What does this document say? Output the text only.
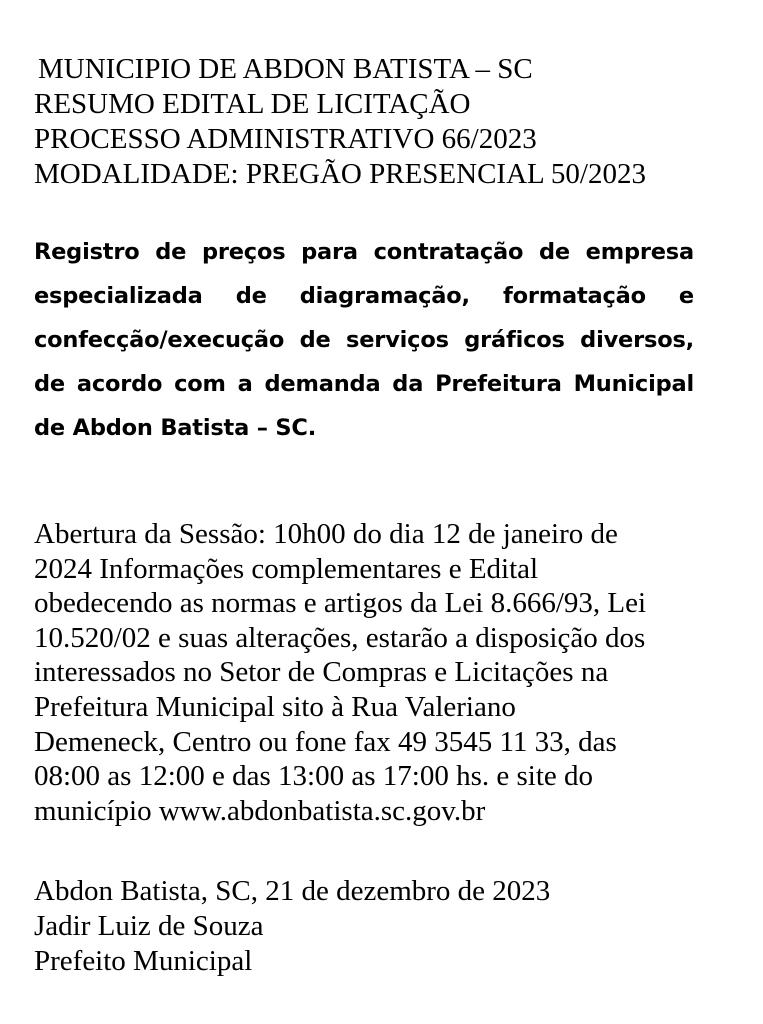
MUNICIPIO DE ABDON BATISTA – SC
RESUMO EDITAL DE LICITAÇÃO
PROCESSO ADMINISTRATIVO 66/2023
MODALIDADE: PREGÃO PRESENCIAL 50/2023
Registro de preços para contratação de empresa especializada de diagramação, formatação e confecção/execução de serviços gráficos diversos, de acordo com a demanda da Prefeitura Municipal de Abdon Batista – SC.
Abertura da Sessão: 10h00 do dia 12 de janeiro de
2024 Informações complementares e Edital
obedecendo as normas e artigos da Lei 8.666/93, Lei
10.520/02 e suas alterações, estarão a disposição dos
interessados no Setor de Compras e Licitações na
Prefeitura Municipal sito à Rua Valeriano
Demeneck, Centro ou fone fax 49 3545 11 33, das
08:00 as 12:00 e das 13:00 as 17:00 hs. e site do
município www.abdonbatista.sc.gov.br
Abdon Batista, SC, 21 de dezembro de 2023
Jadir Luiz de Souza
Prefeito Municipal
